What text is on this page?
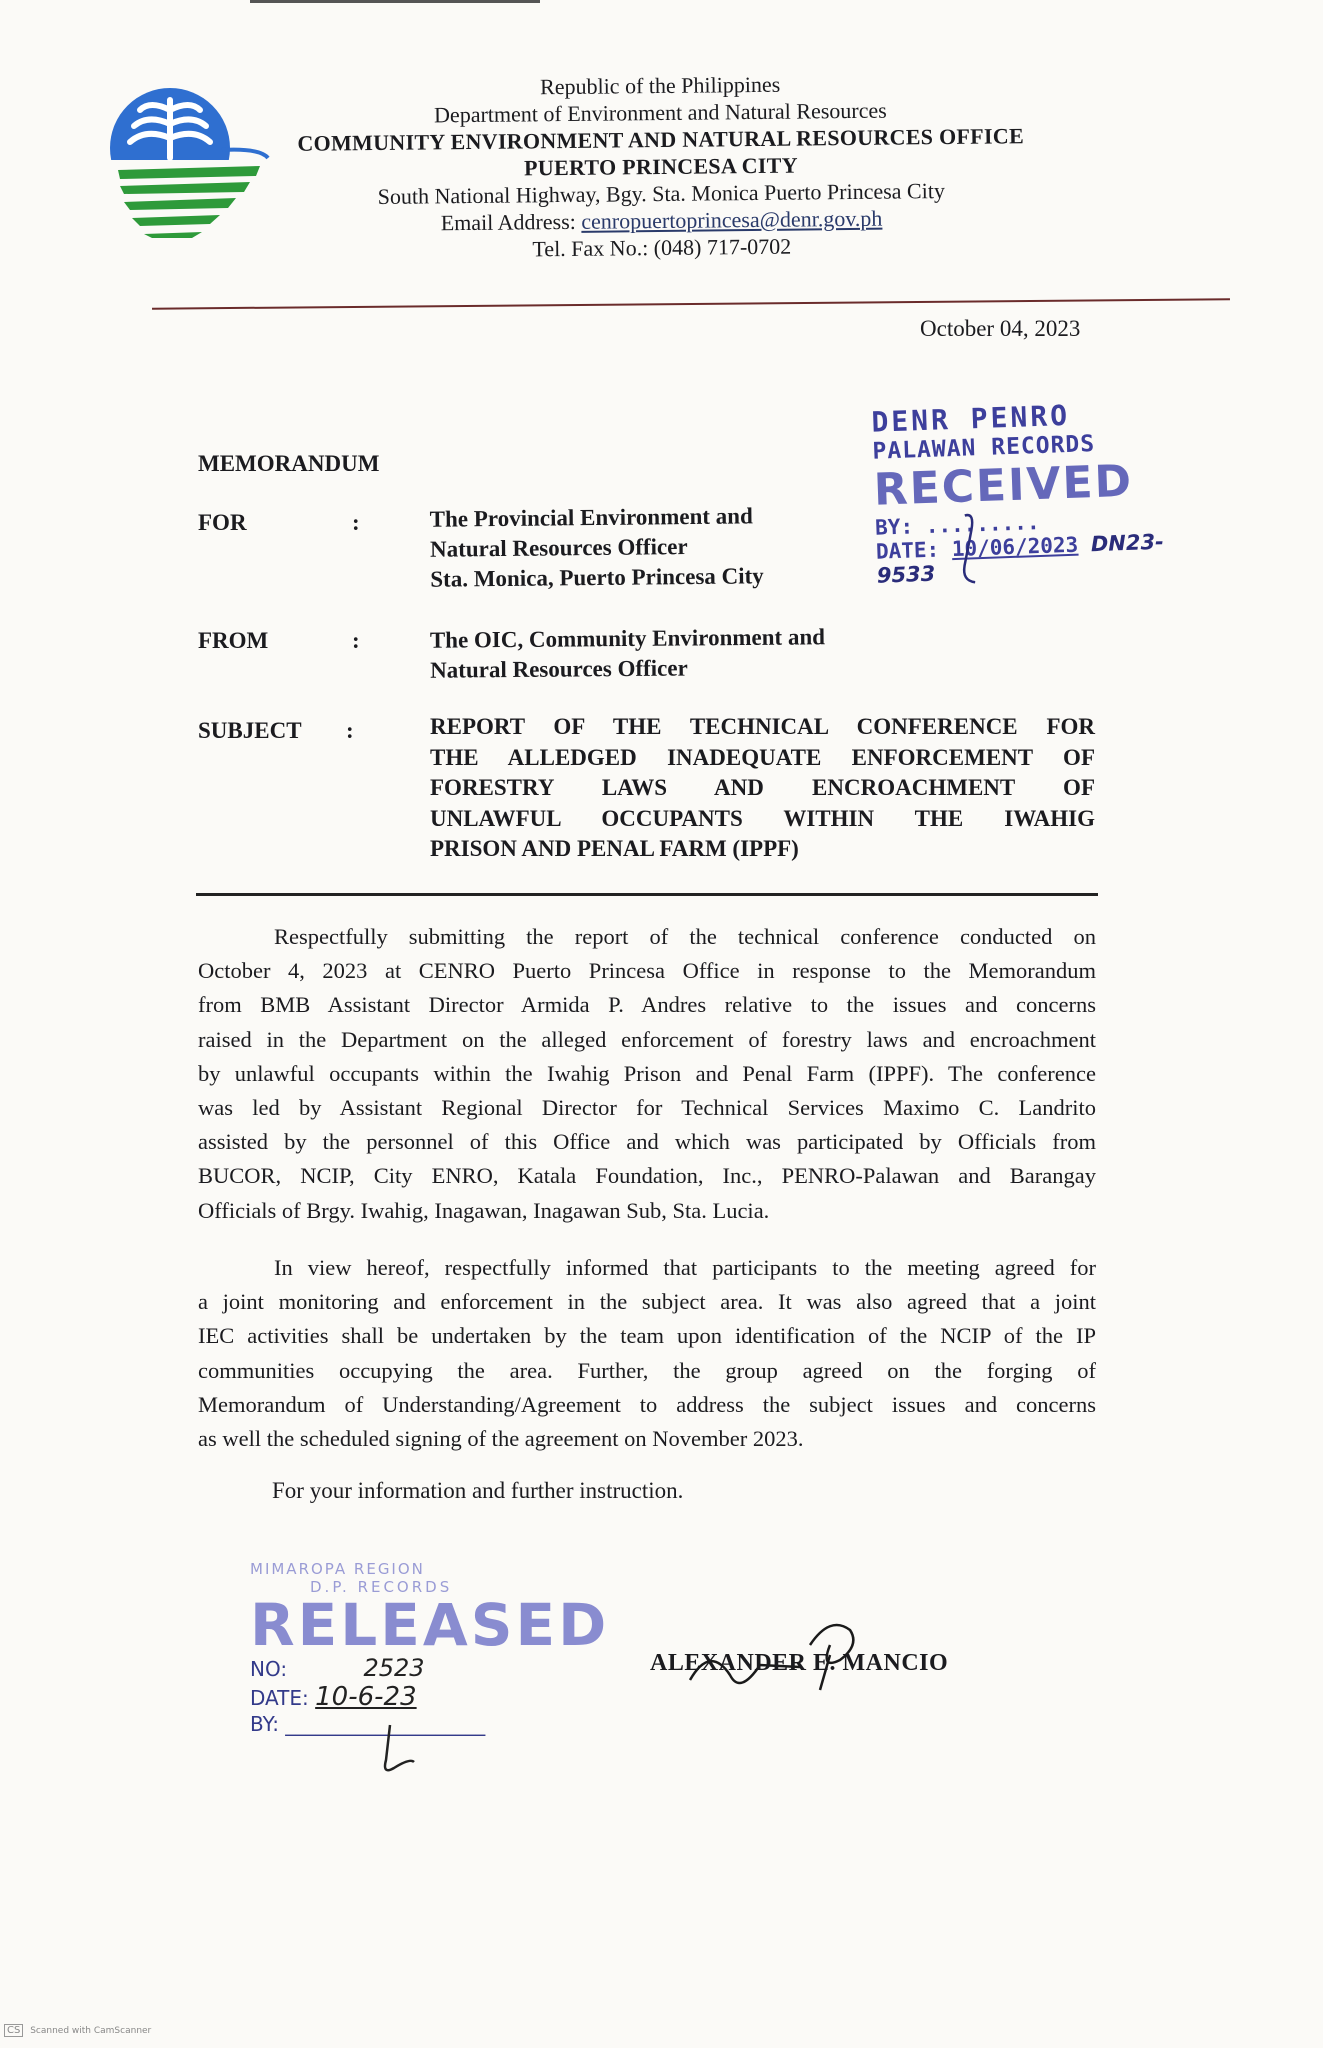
Republic of the Philippines
Department of Environment and Natural Resources
COMMUNITY ENVIRONMENT AND NATURAL RESOURCES OFFICE
PUERTO PRINCESA CITY
South National Highway, Bgy. Sta. Monica Puerto Princesa City
Email Address: cenropuertoprincesa@denr.gov.ph
Tel. Fax No.: (048) 717-0702
October 04, 2023
DENR PENRO
PALAWAN RECORDS
RECEIVED
BY: .........
DATE: 10/06/2023 DN23-9533
MEMORANDUM
FOR	:	The Provincial Environment and
Natural Resources Officer
Sta. Monica, Puerto Princesa City
FROM	:	The OIC, Community Environment and
Natural Resources Officer
SUBJECT :	REPORT OF THE TECHNICAL CONFERENCE FOR
THE ALLEDGED INADEQUATE ENFORCEMENT OF
FORESTRY LAWS AND ENCROACHMENT OF
UNLAWFUL OCCUPANTS WITHIN THE IWAHIG
PRISON AND PENAL FARM (IPPF)
Respectfully submitting the report of the technical conference conducted on
October 4, 2023 at CENRO Puerto Princesa Office in response to the Memorandum
from BMB Assistant Director Armida P. Andres relative to the issues and concerns
raised in the Department on the alleged enforcement of forestry laws and encroachment
by unlawful occupants within the Iwahig Prison and Penal Farm (IPPF). The conference
was led by Assistant Regional Director for Technical Services Maximo C. Landrito
assisted by the personnel of this Office and which was participated by Officials from
BUCOR, NCIP, City ENRO, Katala Foundation, Inc., PENRO-Palawan and Barangay
Officials of Brgy. Iwahig, Inagawan, Inagawan Sub, Sta. Lucia.
In view hereof, respectfully informed that participants to the meeting agreed for
a joint monitoring and enforcement in the subject area. It was also agreed that a joint
IEC activities shall be undertaken by the team upon identification of the NCIP of the IP
communities occupying the area. Further, the group agreed on the forging of
Memorandum of Understanding/Agreement to address the subject issues and concerns
as well the scheduled signing of the agreement on November 2023.
For your information and further instruction.
MIMAROPA REGION
D.P. RECORDS
RELEASED
NO:	2523
DATE: 10-6-23
BY: ____________________
ALEXANDER E. MANCIO
CS Scanned with CamScanner
